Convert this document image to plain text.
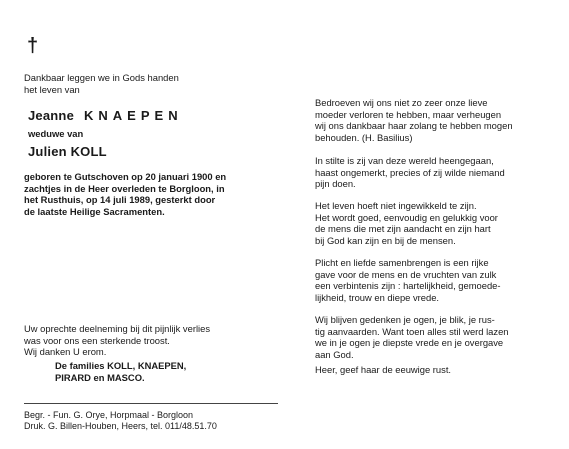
†

Dankbaar leggen we in Gods handen
het leven van

Jeanne KNAEPEN

weduwe van

Julien KOLL

geboren te Gutschoven op 20 januari 1900 en
zachtjes in de Heer overleden te Borgloon, in
het Rusthuis, op 14 juli 1989, gesterkt door
de laatste Heilige Sacramenten.

Uw oprechte deelneming bij dit pijnlijk verlies
was voor ons een sterkende troost.
Wij danken U erom.

De families KOLL, KNAEPEN,
PIRARD en MASCO.

Begr. - Fun. G. Orye, Horpmaal - Borgloon
Druk. G. Billen-Houben, Heers, tel. 011/48.51.70

Bedroeven wij ons niet zo zeer onze lieve
moeder verloren te hebben, maar verheugen
wij ons dankbaar haar zolang te hebben mogen
behouden. (H. Basilius)

In stilte is zij van deze wereld heengegaan,
haast ongemerkt, precies of zij wilde niemand
pijn doen.

Het leven hoeft niet ingewikkeld te zijn.
Het wordt goed, eenvoudig en gelukkig voor
de mens die met zijn aandacht en zijn hart
bij God kan zijn en bij de mensen.

Plicht en liefde samenbrengen is een rijke
gave voor de mens en de vruchten van zulk
een verbintenis zijn : hartelijkheid, gemoede-
lijkheid, trouw en diepe vrede.

Wij blijven gedenken je ogen, je blik, je rus-
tig aanvaarden. Want toen alles stil werd lazen
we in je ogen je diepste vrede en je overgave
aan God.

Heer, geef haar de eeuwige rust.
